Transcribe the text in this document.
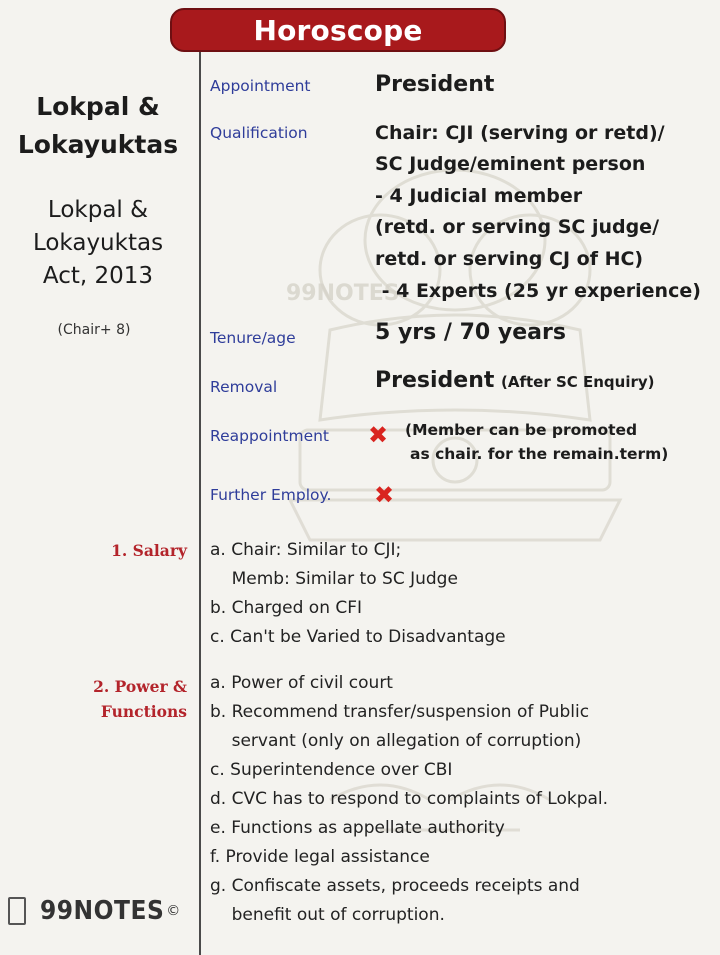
99NOTES
Horoscope
Lokpal &
Lokayuktas
Lokpal &
Lokayuktas
Act, 2013
(Chair+ 8)
Appointment	President
Qualification	Chair: CJI (serving or retd)/
SC Judge/eminent person
- 4 Judicial member
(retd. or serving SC judge/
retd. or serving CJ of HC)
- 4 Experts (25 yr experience)
Tenure/age	5 yrs / 70 years
Removal	President (After SC Enquiry)
Reappointment ✖ (Member can be promoted
as chair. for the remain.term)
Further Employ. ✖
1. Salary a. Chair: Similar to CJI;
Memb: Similar to SC Judge
b. Charged on CFI
c. Can't be Varied to Disadvantage
2. Power &
Functions
a. Power of civil court
b. Recommend transfer/suspension of Public
servant (only on allegation of corruption)
c. Superintendence over CBI
d. CVC has to respond to complaints of Lokpal.
e. Functions as appellate authority
f. Provide legal assistance
g. Confiscate assets, proceeds receipts and
benefit out of corruption.
99NOTES ©
